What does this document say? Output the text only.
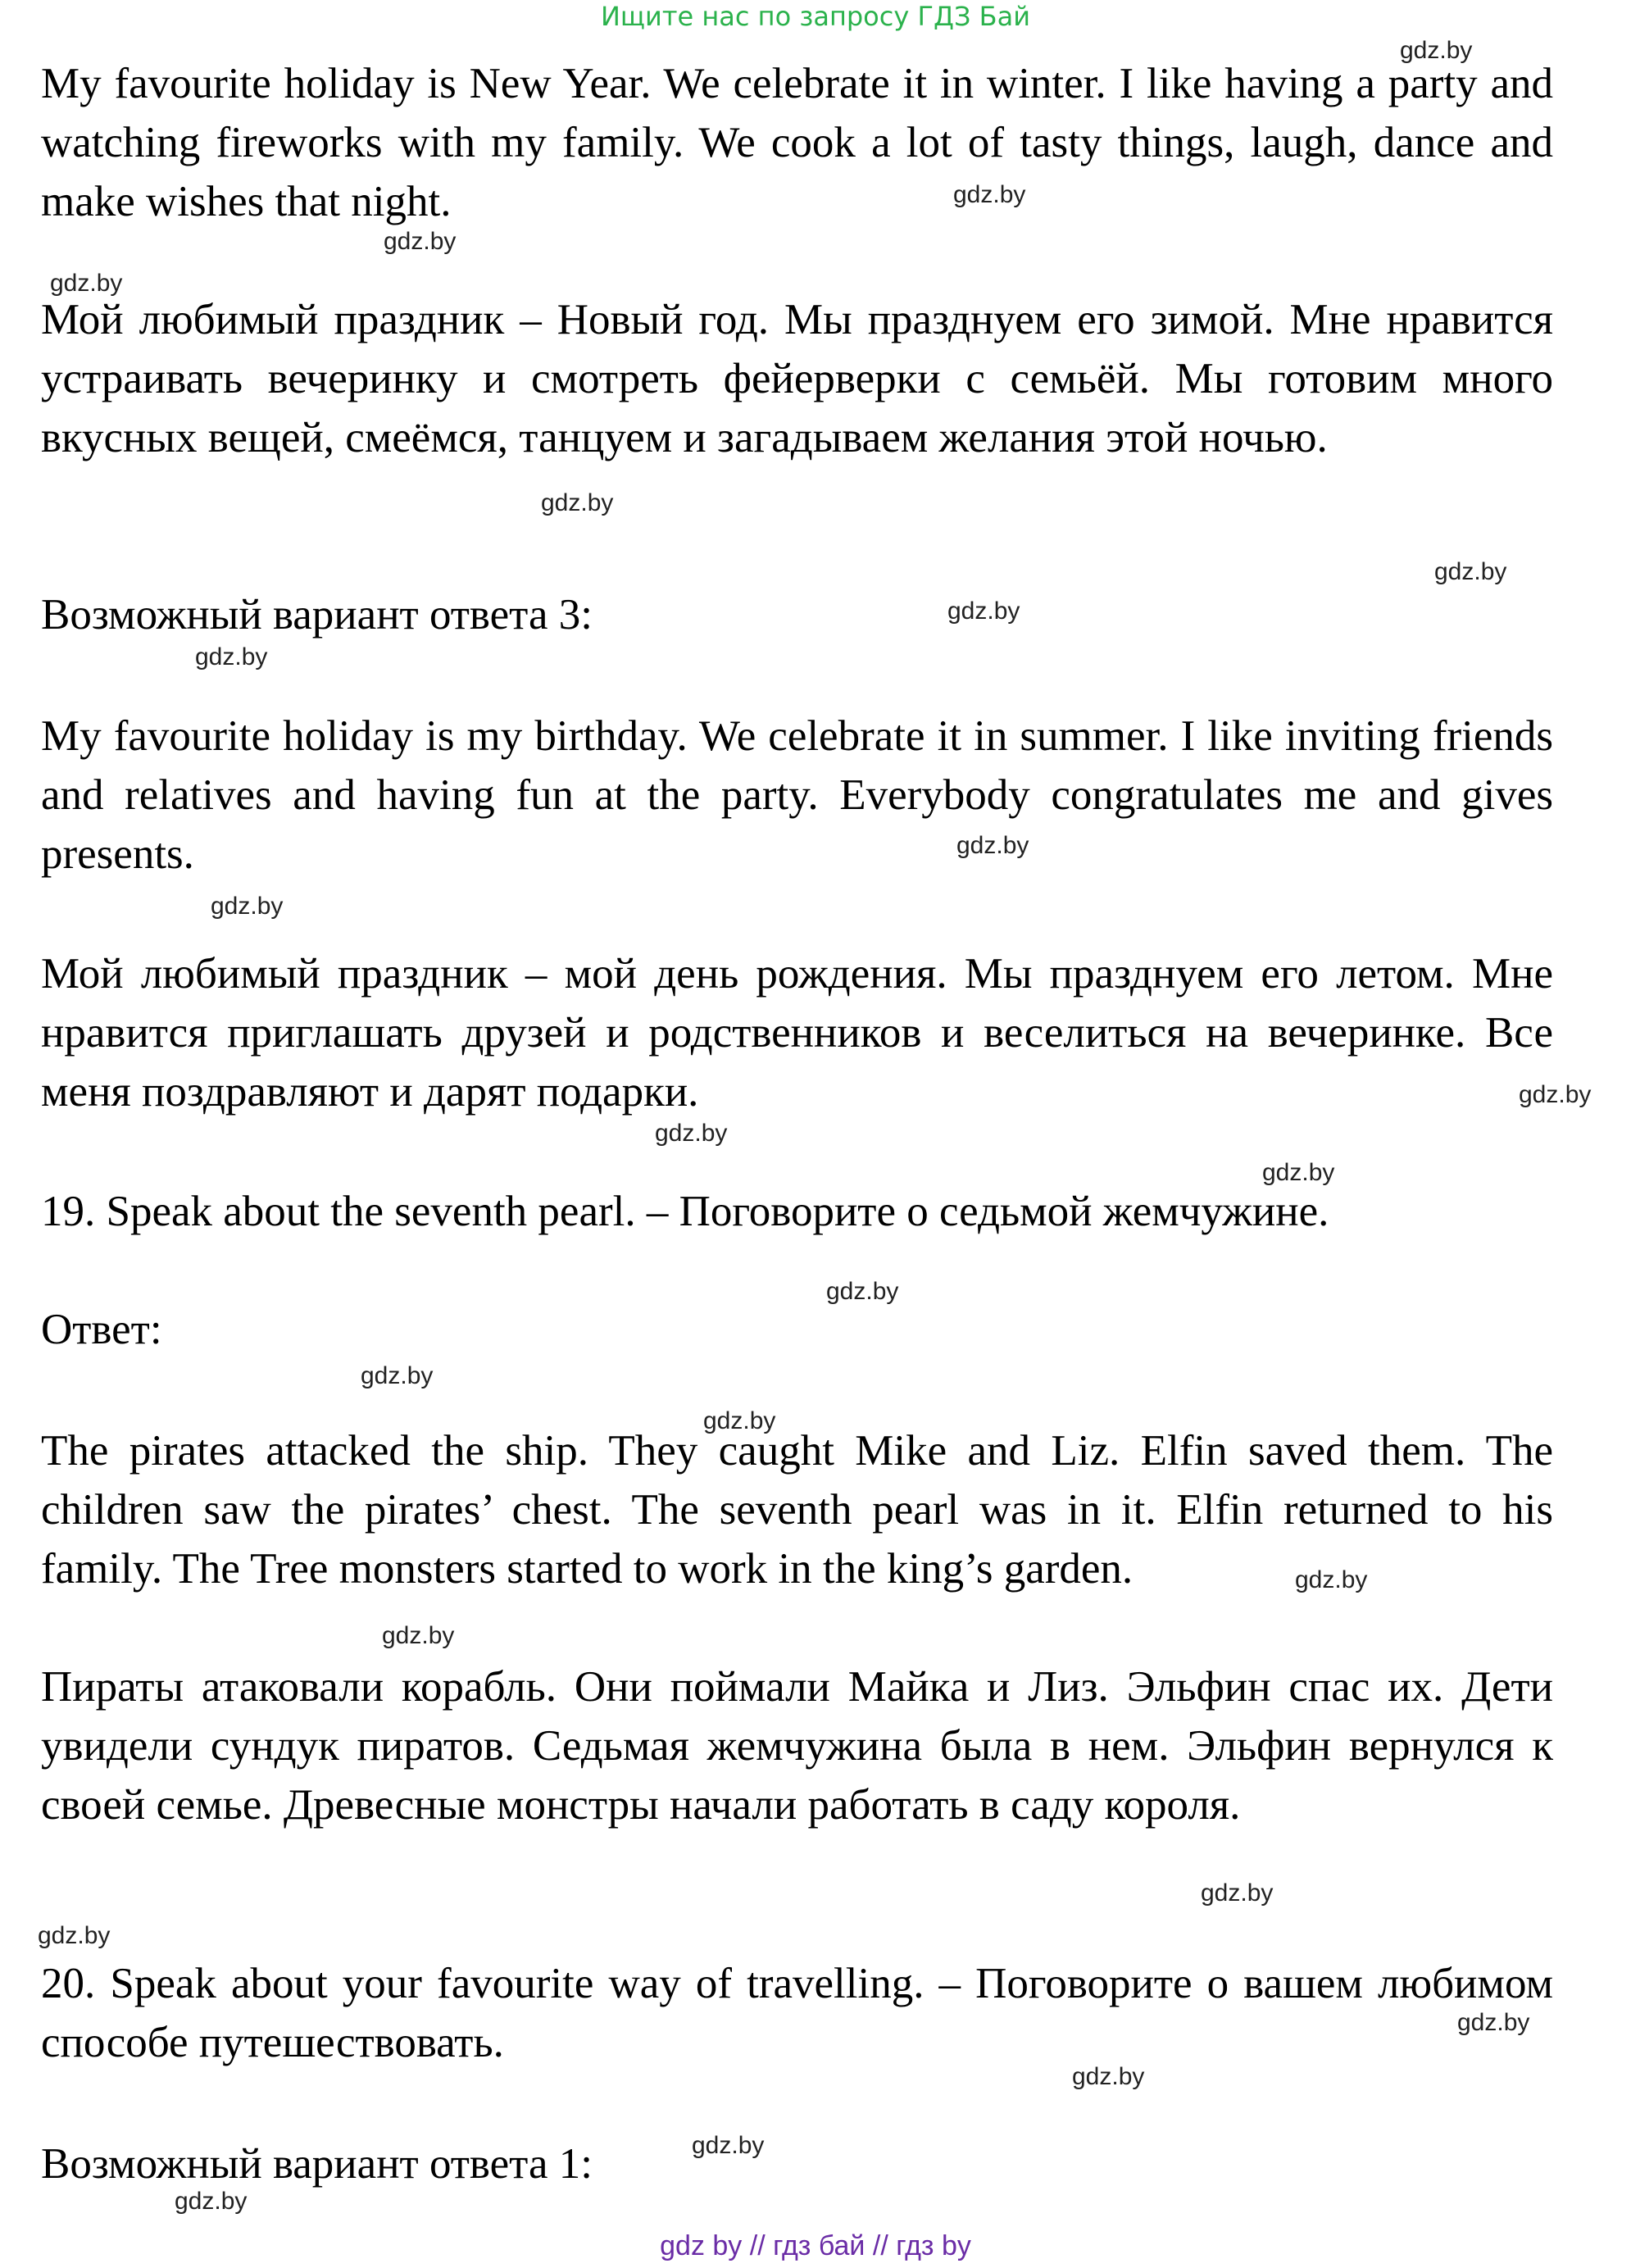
Ищите нас по запросу ГДЗ Бай

My favourite holiday is New Year. We celebrate it in winter. I like having a party and watching fireworks with my family. We cook a lot of tasty things, laugh, dance and make wishes that night.

Мой любимый праздник – Новый год. Мы празднуем его зимой. Мне нравится устраивать вечеринку и смотреть фейерверки с семьёй. Мы готовим много вкусных вещей, смеёмся, танцуем и загадываем желания этой ночью.

Возможный вариант ответа 3:

My favourite holiday is my birthday. We celebrate it in summer. I like inviting friends and relatives and having fun at the party. Everybody congratulates me and gives presents.

Мой любимый праздник – мой день рождения. Мы празднуем его летом. Мне нравится приглашать друзей и родственников и веселиться на вечеринке. Все меня поздравляют и дарят подарки.

19. Speak about the seventh pearl. – Поговорите о седьмой жемчужине.

Ответ:

The pirates attacked the ship. They caught Mike and Liz. Elfin saved them. The children saw the pirates’ chest. The seventh pearl was in it. Elfin returned to his family. The Tree monsters started to work in the king’s garden.

Пираты атаковали корабль. Они поймали Майка и Лиз. Эльфин спас их. Дети увидели сундук пиратов. Седьмая жемчужина была в нем. Эльфин вернулся к своей семье. Древесные монстры начали работать в саду короля.

20. Speak about your favourite way of travelling. – Поговорите о вашем любимом способе путешествовать.

Возможный вариант ответа 1:

gdz.by
gdz.by
gdz.by
gdz.by
gdz.by
gdz.by
gdz.by
gdz.by
gdz.by
gdz.by
gdz.by
gdz.by
gdz.by
gdz.by
gdz.by
gdz.by
gdz.by
gdz.by
gdz.by
gdz.by
gdz.by
gdz.by
gdz.by
gdz.by
gdz by // гдз бай // гдз by
